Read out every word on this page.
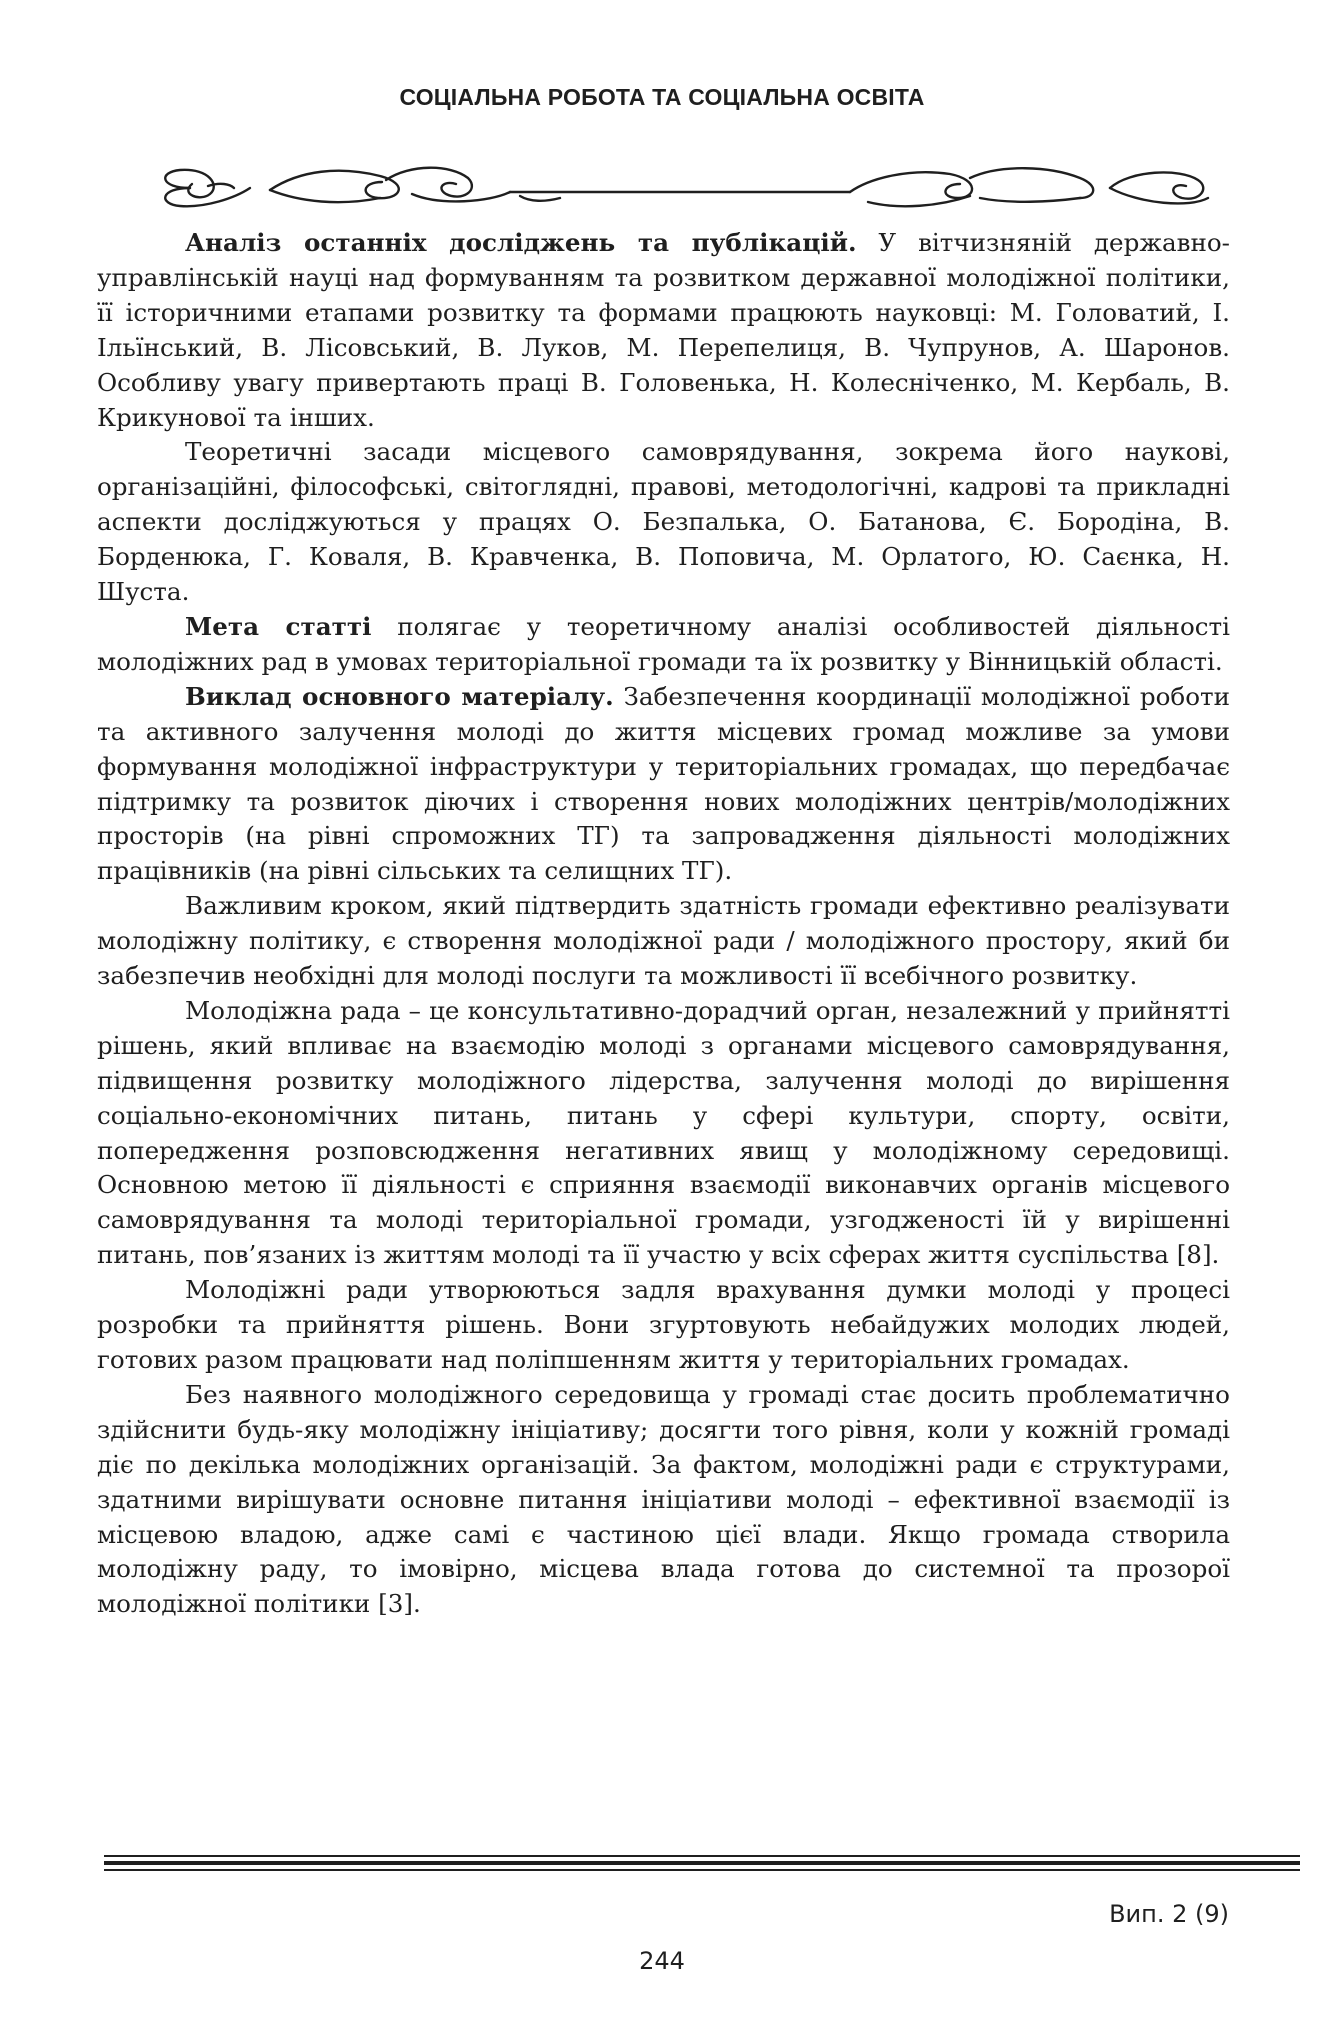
СОЦІАЛЬНА РОБОТА ТА СОЦІАЛЬНА ОСВІТА

Аналіз останніх досліджень та публікацій. У вітчизняній державно-управлінській науці над формуванням та розвитком державної молодіжної політики, її історичними етапами розвитку та формами працюють науковці: М. Головатий, І. Ільїнський, В. Лісовський, В. Луков, М. Перепелиця, В. Чупрунов, А. Шаронов. Особливу увагу привертають праці В. Головенька, Н. Колесніченко, М. Кербаль, В. Крикунової та інших.

Теоретичні засади місцевого самоврядування, зокрема його наукові, організаційні, філософські, світоглядні, правові, методологічні, кадрові та прикладні аспекти досліджуються у працях О. Безпалька, О. Батанова, Є. Бородіна, В. Борденюка, Г. Коваля, В. Кравченка, В. Поповича, М. Орлатого, Ю. Саєнка, Н. Шуста.

Мета статті полягає у теоретичному аналізі особливостей діяльності молодіжних рад в умовах територіальної громади та їх розвитку у Вінницькій області.

Виклад основного матеріалу. Забезпечення координації молодіжної роботи та активного залучення молоді до життя місцевих громад можливе за умови формування молодіжної інфраструктури у територіальних громадах, що передбачає підтримку та розвиток діючих і створення нових молодіжних центрів/молодіжних просторів (на рівні спроможних ТГ) та запровадження діяльності молодіжних працівників (на рівні сільських та селищних ТГ).

Важливим кроком, який підтвердить здатність громади ефективно реалізувати молодіжну політику, є створення молодіжної ради / молодіжного простору, який би забезпечив необхідні для молоді послуги та можливості її всебічного розвитку.

Молодіжна рада – це консультативно-дорадчий орган, незалежний у прийнятті рішень, який впливає на взаємодію молоді з органами місцевого самоврядування, підвищення розвитку молодіжного лідерства, залучення молоді до вирішення соціально-економічних питань, питань у сфері культури, спорту, освіти, попередження розповсюдження негативних явищ у молодіжному середовищі. Основною метою її діяльності є сприяння взаємодії виконавчих органів місцевого самоврядування та молоді територіальної громади, узгодженості їй у вирішенні питань, пов’язаних із життям молоді та її участю у всіх сферах життя суспільства [8].

Молодіжні ради утворюються задля врахування думки молоді у процесі розробки та прийняття рішень. Вони згуртовують небайдужих молодих людей, готових разом працювати над поліпшенням життя у територіальних громадах.

Без наявного молодіжного середовища у громаді стає досить проблематично здійснити будь-яку молодіжну ініціативу; досягти того рівня, коли у кожній громаді діє по декілька молодіжних організацій. За фактом, молодіжні ради є структурами, здатними вирішувати основне питання ініціативи молоді – ефективної взаємодії із місцевою владою, адже самі є частиною цієї влади. Якщо громада створила молодіжну раду, то імовірно, місцева влада готова до системної та прозорої молодіжної політики [3].

Вип. 2 (9)
244
